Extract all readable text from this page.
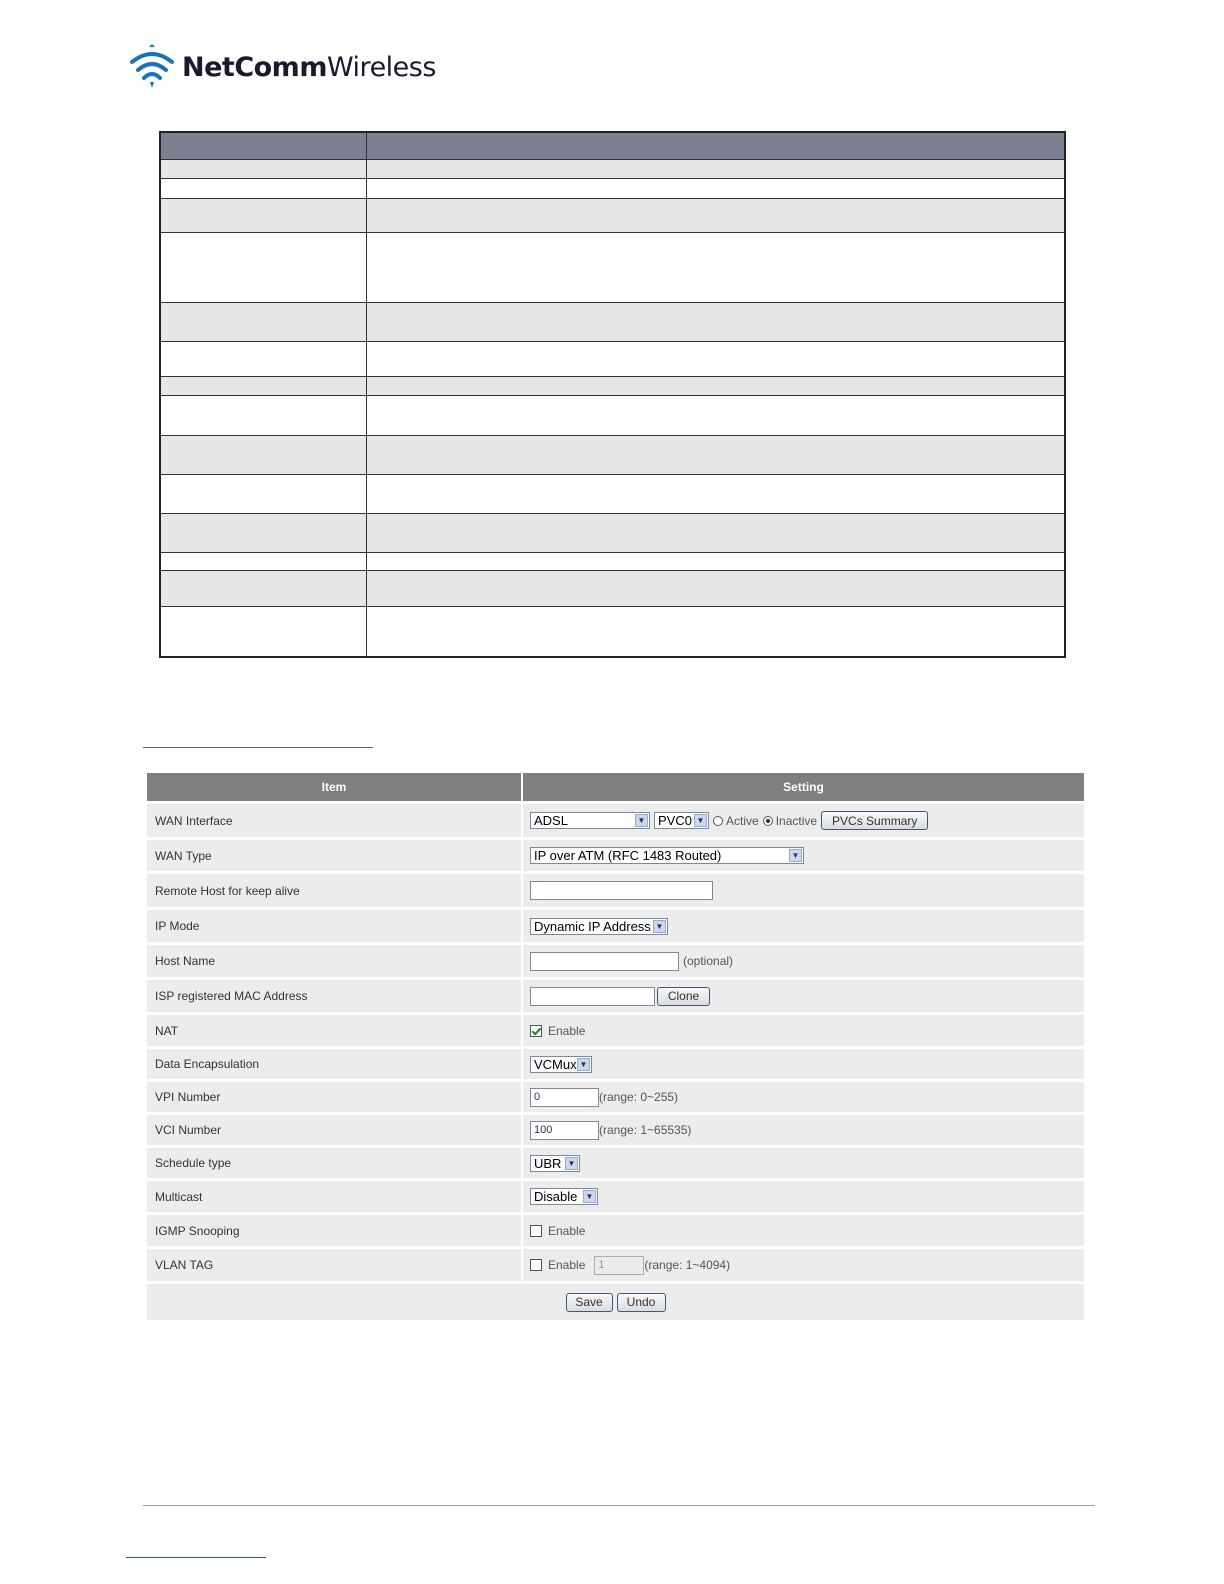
NetCommWireless

Item	Setting
WAN Interface	ADSL	▼ PVC0 ▼ Active Inactive	PVCs Summary
WAN Type	IP over ATM (RFC 1483 Routed)	▼
Remote Host for keep alive
IP Mode	Dynamic IP Address ▼
Host Name	(optional)
ISP registered MAC Address	Clone
NAT	Enable
Data Encapsulation	VCMux ▼
VPI Number	0	(range: 0~255)
VCI Number	100	(range: 1~65535)
Schedule type	UBR ▼
Multicast	Disable	▼
IGMP Snooping	Enable
VLAN TAG	Enable	1	(range: 1~4094)
Save	Undo
